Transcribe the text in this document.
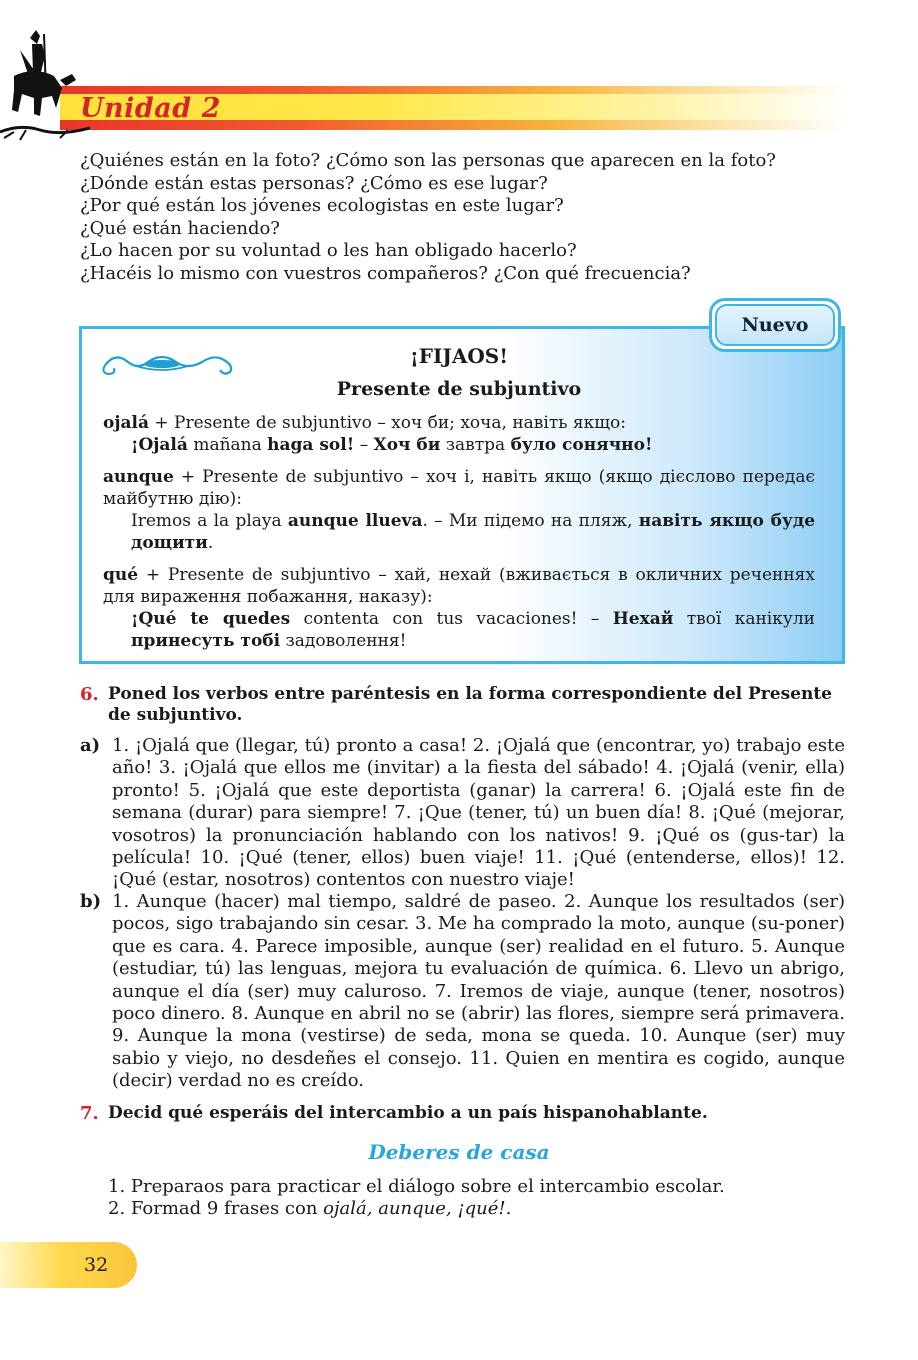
Unidad 2
¿Quiénes están en la foto? ¿Cómo son las personas que aparecen en la foto?
¿Dónde están estas personas? ¿Cómo es ese lugar?
¿Por qué están los jóvenes ecologistas en este lugar?
¿Qué están haciendo?
¿Lo hacen por su voluntad o les han obligado hacerlo?
¿Hacéis lo mismo con vuestros compañeros? ¿Con qué frecuencia?
Nuevo
¡FIJAOS!
Presente de subjuntivo

ojalá + Presente de subjuntivo – хоч би; хоча, навіть якщо:

¡Ojalá mañana haga sol! – Хоч би завтра було сонячно!

aunque + Presente de subjuntivo – хоч і, навіть якщо (якщо дієслово передає майбутню дію):

Iremos a la playa aunque llueva. – Ми підемо на пляж, навіть якщо буде дощити.

qué + Presente de subjuntivo – хай, нехай (вживається в окличних реченнях для вираження побажання, наказу):

¡Qué te quedes contenta con tus vacaciones! – Нехай твої канікули принесуть тобі задоволення!

6. Poned los verbos entre paréntesis en la forma correspondiente del Presente de subjuntivo.
a) 1. ¡Ojalá que (llegar, tú) pronto a casa! 2. ¡Ojalá que (encontrar, yo) trabajo este año! 3. ¡Ojalá que ellos me (invitar) a la fiesta del sábado! 4. ¡Ojalá (venir, ella) pronto! 5. ¡Ojalá que este deportista (ganar) la carrera! 6. ¡Ojalá este fin de semana (durar) para siempre! 7. ¡Que (tener, tú) un buen día! 8. ¡Qué (mejorar, vosotros) la pronunciación hablando con los nativos! 9. ¡Qué os (gus-tar) la película! 10. ¡Qué (tener, ellos) buen viaje! 11. ¡Qué (entenderse, ellos)! 12. ¡Qué (estar, nosotros) contentos con nuestro viaje!
b) 1. Aunque (hacer) mal tiempo, saldré de paseo. 2. Aunque los resultados (ser) pocos, sigo trabajando sin cesar. 3. Me ha comprado la moto, aunque (su-poner) que es cara. 4. Parece imposible, aunque (ser) realidad en el futuro. 5. Aunque (estudiar, tú) las lenguas, mejora tu evaluación de química. 6. Llevo un abrigo, aunque el día (ser) muy caluroso. 7. Iremos de viaje, aunque (tener, nosotros) poco dinero. 8. Aunque en abril no se (abrir) las flores, siempre será primavera. 9. Aunque la mona (vestirse) de seda, mona se queda. 10. Aunque (ser) muy sabio y viejo, no desdeñes el consejo. 11. Quien en mentira es cogido, aunque (decir) verdad no es creído.
7. Decid qué esperáis del intercambio a un país hispanohablante.
Deberes de casa
1. Preparaos para practicar el diálogo sobre el intercambio escolar.
2. Formad 9 frases con ojalá, aunque, ¡qué!.
32
